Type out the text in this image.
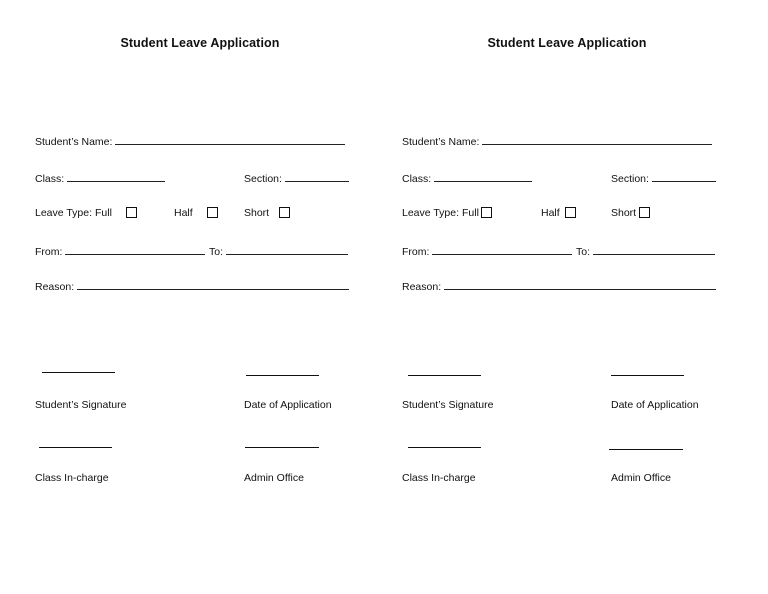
Student Leave Application
Student’s Name:
Class:	Section:
Leave Type: Full	Half	Short
From:	To:
Reason:
Student’s Signature	Date of Application
Class In-charge	Admin Office
Student Leave Application
Student’s Name:
Class:	Section:
Leave Type: Full	Half	Short
From:	To:
Reason:
Student’s Signature	Date of Application
Class In-charge	Admin Office
